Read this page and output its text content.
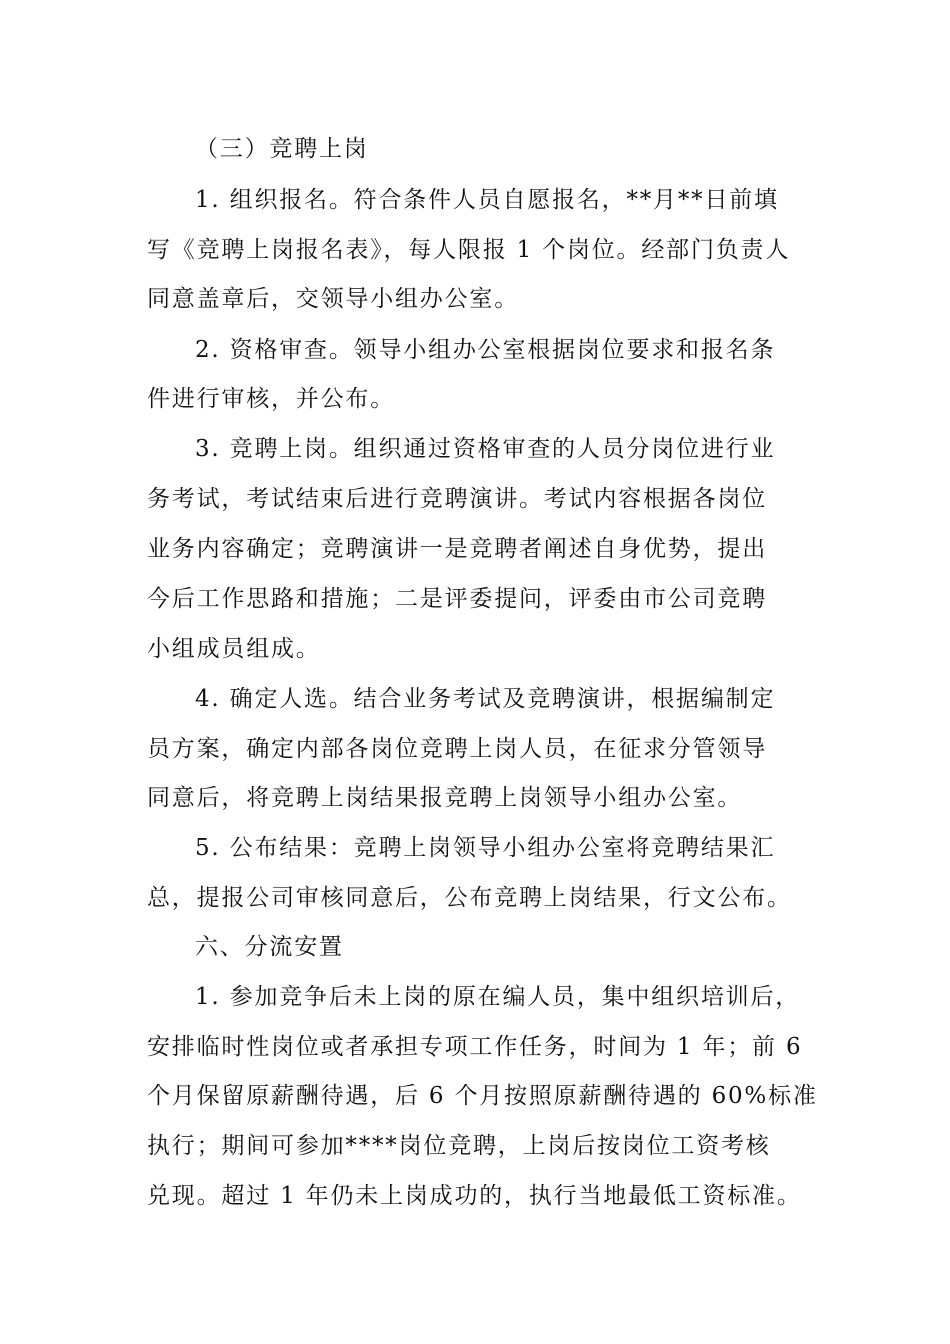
（三）竞聘上岗
1. 组织报名。符合条件人员自愿报名，**月**日前填
写《竞聘上岗报名表》，每人限报 1 个岗位。经部门负责人
同意盖章后，交领导小组办公室。
2. 资格审查。领导小组办公室根据岗位要求和报名条
件进行审核，并公布。
3. 竞聘上岗。组织通过资格审查的人员分岗位进行业
务考试，考试结束后进行竞聘演讲。考试内容根据各岗位
业务内容确定；竞聘演讲一是竞聘者阐述自身优势，提出
今后工作思路和措施；二是评委提问，评委由市公司竞聘
小组成员组成。
4. 确定人选。结合业务考试及竞聘演讲，根据编制定
员方案，确定内部各岗位竞聘上岗人员，在征求分管领导
同意后，将竞聘上岗结果报竞聘上岗领导小组办公室。
5. 公布结果：竞聘上岗领导小组办公室将竞聘结果汇
总，提报公司审核同意后，公布竞聘上岗结果，行文公布。
六、分流安置
1. 参加竞争后未上岗的原在编人员，集中组织培训后，
安排临时性岗位或者承担专项工作任务，时间为 1 年；前 6
个月保留原薪酬待遇，后 6 个月按照原薪酬待遇的 60%标准
执行；期间可参加****岗位竞聘，上岗后按岗位工资考核
兑现。超过 1 年仍未上岗成功的，执行当地最低工资标准。
